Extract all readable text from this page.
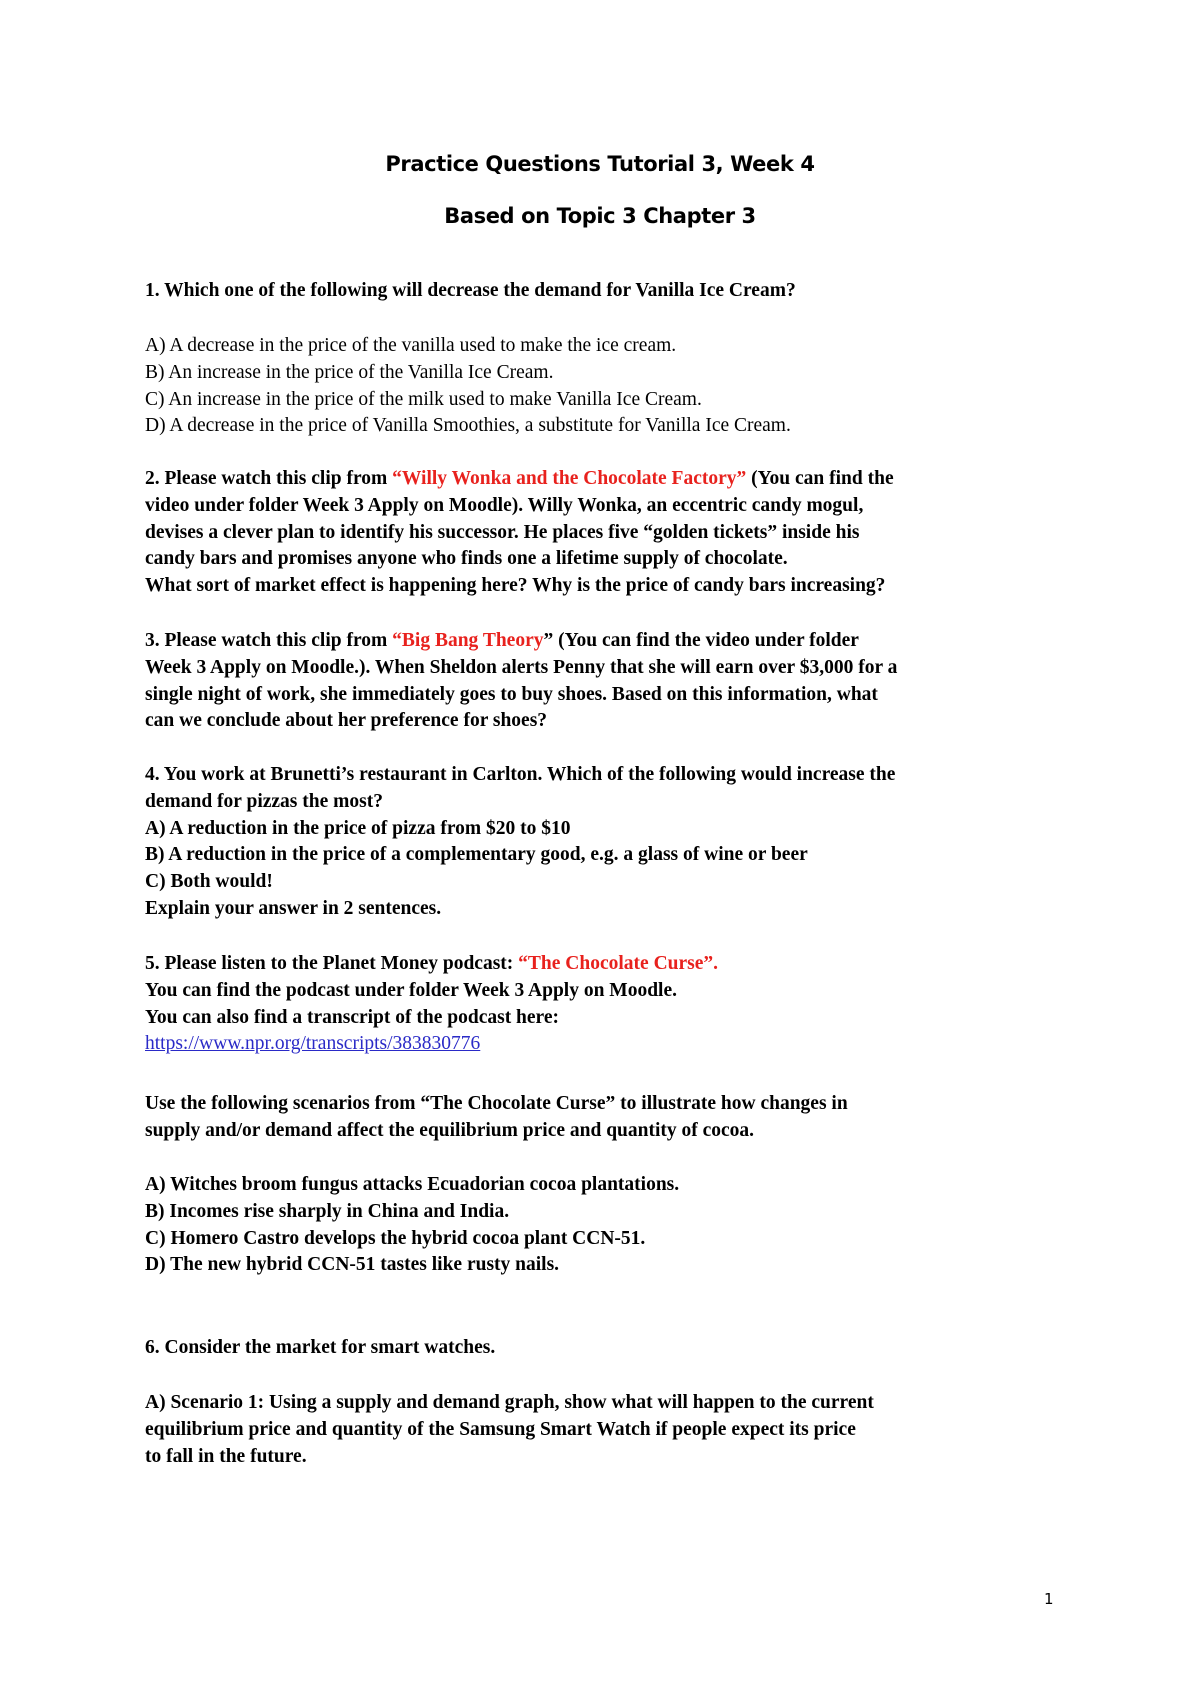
Practice Questions Tutorial 3, Week 4
Based on Topic 3 Chapter 3
1. Which one of the following will decrease the demand for Vanilla Ice Cream?
A) A decrease in the price of the vanilla used to make the ice cream.
B) An increase in the price of the Vanilla Ice Cream.
C) An increase in the price of the milk used to make Vanilla Ice Cream.
D) A decrease in the price of Vanilla Smoothies, a substitute for Vanilla Ice Cream.
2. Please watch this clip from “Willy Wonka and the Chocolate Factory” (You can find the
video under folder Week 3 Apply on Moodle). Willy Wonka, an eccentric candy mogul,
devises a clever plan to identify his successor. He places five “golden tickets” inside his
candy bars and promises anyone who finds one a lifetime supply of chocolate.
What sort of market effect is happening here? Why is the price of candy bars increasing?
3. Please watch this clip from “Big Bang Theory” (You can find the video under folder
Week 3 Apply on Moodle.). When Sheldon alerts Penny that she will earn over $3,000 for a
single night of work, she immediately goes to buy shoes. Based on this information, what
can we conclude about her preference for shoes?
4. You work at Brunetti’s restaurant in Carlton. Which of the following would increase the
demand for pizzas the most?
A) A reduction in the price of pizza from $20 to $10
B) A reduction in the price of a complementary good, e.g. a glass of wine or beer
C) Both would!
Explain your answer in 2 sentences.
5. Please listen to the Planet Money podcast: “The Chocolate Curse”.
You can find the podcast under folder Week 3 Apply on Moodle.
You can also find a transcript of the podcast here:
https://www.npr.org/transcripts/383830776
Use the following scenarios from “The Chocolate Curse” to illustrate how changes in
supply and/or demand affect the equilibrium price and quantity of cocoa.
A) Witches broom fungus attacks Ecuadorian cocoa plantations.
B) Incomes rise sharply in China and India.
C) Homero Castro develops the hybrid cocoa plant CCN-51.
D) The new hybrid CCN-51 tastes like rusty nails.
6. Consider the market for smart watches.
A) Scenario 1: Using a supply and demand graph, show what will happen to the current
equilibrium price and quantity of the Samsung Smart Watch if people expect its price
to fall in the future.
1
